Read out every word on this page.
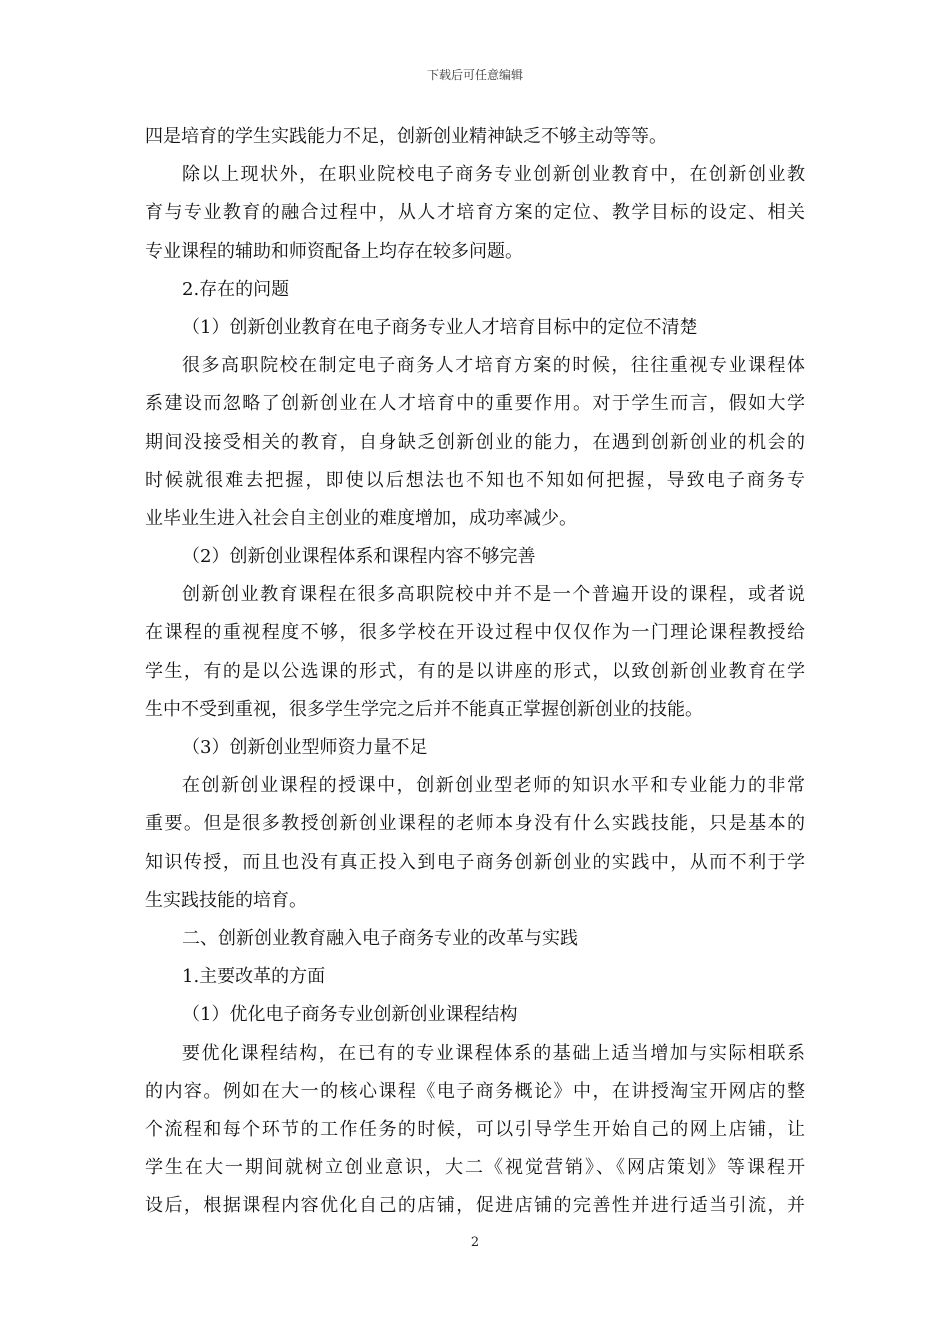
下载后可任意编辑
四是培育的学生实践能力不足，创新创业精神缺乏不够主动等等。
除以上现状外，在职业院校电子商务专业创新创业教育中，在创新创业教
育与专业教育的融合过程中，从人才培育方案的定位、教学目标的设定、相关
专业课程的辅助和师资配备上均存在较多问题。
2.存在的问题
（1）创新创业教育在电子商务专业人才培育目标中的定位不清楚
很多高职院校在制定电子商务人才培育方案的时候，往往重视专业课程体
系建设而忽略了创新创业在人才培育中的重要作用。对于学生而言，假如大学
期间没接受相关的教育，自身缺乏创新创业的能力，在遇到创新创业的机会的
时候就很难去把握，即使以后想法也不知也不知如何把握，导致电子商务专
业毕业生进入社会自主创业的难度增加，成功率减少。
（2）创新创业课程体系和课程内容不够完善
创新创业教育课程在很多高职院校中并不是一个普遍开设的课程，或者说
在课程的重视程度不够，很多学校在开设过程中仅仅作为一门理论课程教授给
学生，有的是以公选课的形式，有的是以讲座的形式，以致创新创业教育在学
生中不受到重视，很多学生学完之后并不能真正掌握创新创业的技能。
（3）创新创业型师资力量不足
在创新创业课程的授课中，创新创业型老师的知识水平和专业能力的非常
重要。但是很多教授创新创业课程的老师本身没有什么实践技能，只是基本的
知识传授，而且也没有真正投入到电子商务创新创业的实践中，从而不利于学
生实践技能的培育。
二、创新创业教育融入电子商务专业的改革与实践
1.主要改革的方面
（1）优化电子商务专业创新创业课程结构
要优化课程结构，在已有的专业课程体系的基础上适当增加与实际相联系
的内容。例如在大一的核心课程《电子商务概论》中，在讲授淘宝开网店的整
个流程和每个环节的工作任务的时候，可以引导学生开始自己的网上店铺，让
学生在大一期间就树立创业意识，大二《视觉营销》、《网店策划》等课程开
设后，根据课程内容优化自己的店铺，促进店铺的完善性并进行适当引流，并
2
